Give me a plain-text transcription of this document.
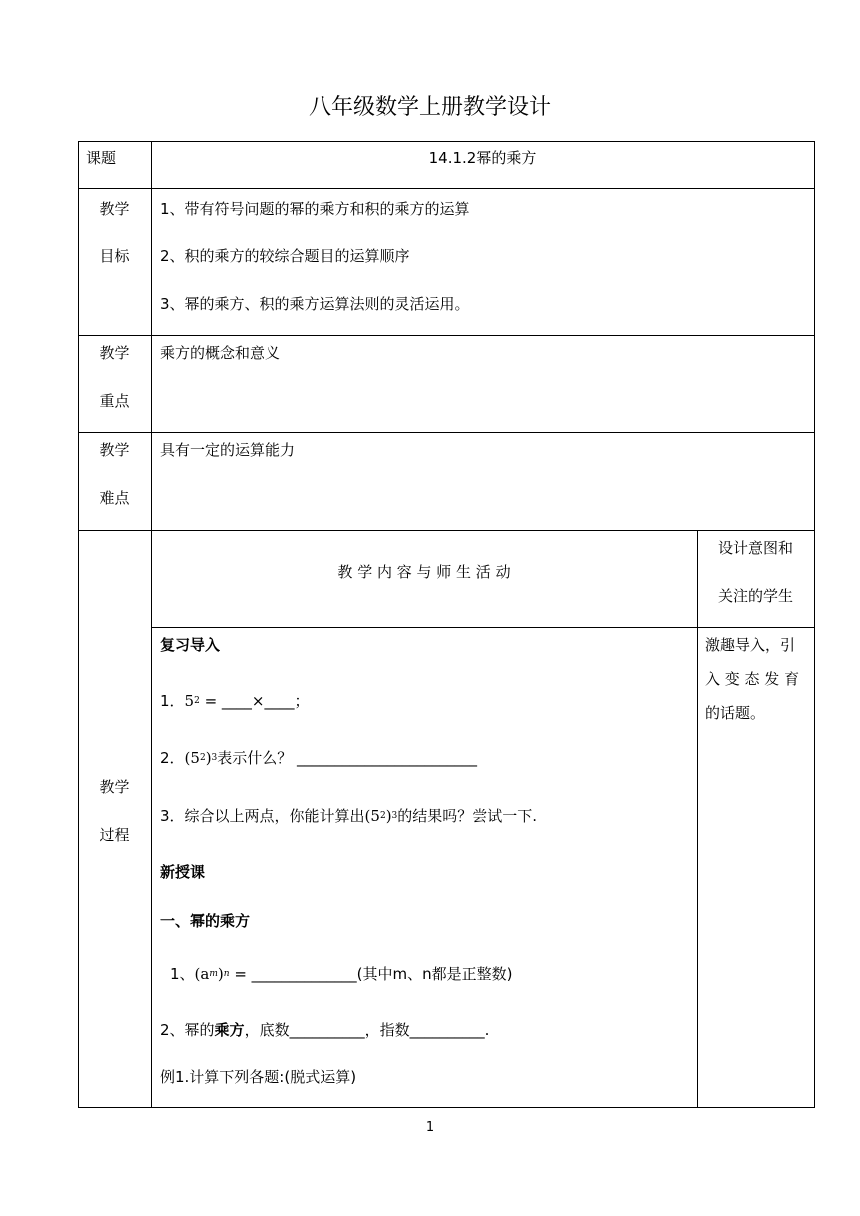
八年级数学上册教学设计
课题	14.1.2幂的乘方
教学
目标
1、带有符号问题的幂的乘方和积的乘方的运算
2、积的乘方的较综合题目的运算顺序
3、幂的乘方、积的乘方运算法则的灵活运用。
教学
重点
乘方的概念和意义
教学
难点
具有一定的运算能力
教学
过程
教 学 内 容 与 师 生 活 动
设计意图和
关注的学生
激趣导入，引
入 变 态 发 育
的话题。
复习导入
1．$5^2$ = ____×____；
2．$(5^2)^3$表示什么？ ________________________
3．综合以上两点，你能计算出$(5^2)^3$的结果吗？尝试一下.
新授课
一、幂的乘方
1、$(a^m)^n$ = ______________(其中m、n都是正整数)
2、幂的乘方，底数__________，指数__________.
例1.计算下列各题:(脱式运算)
1
